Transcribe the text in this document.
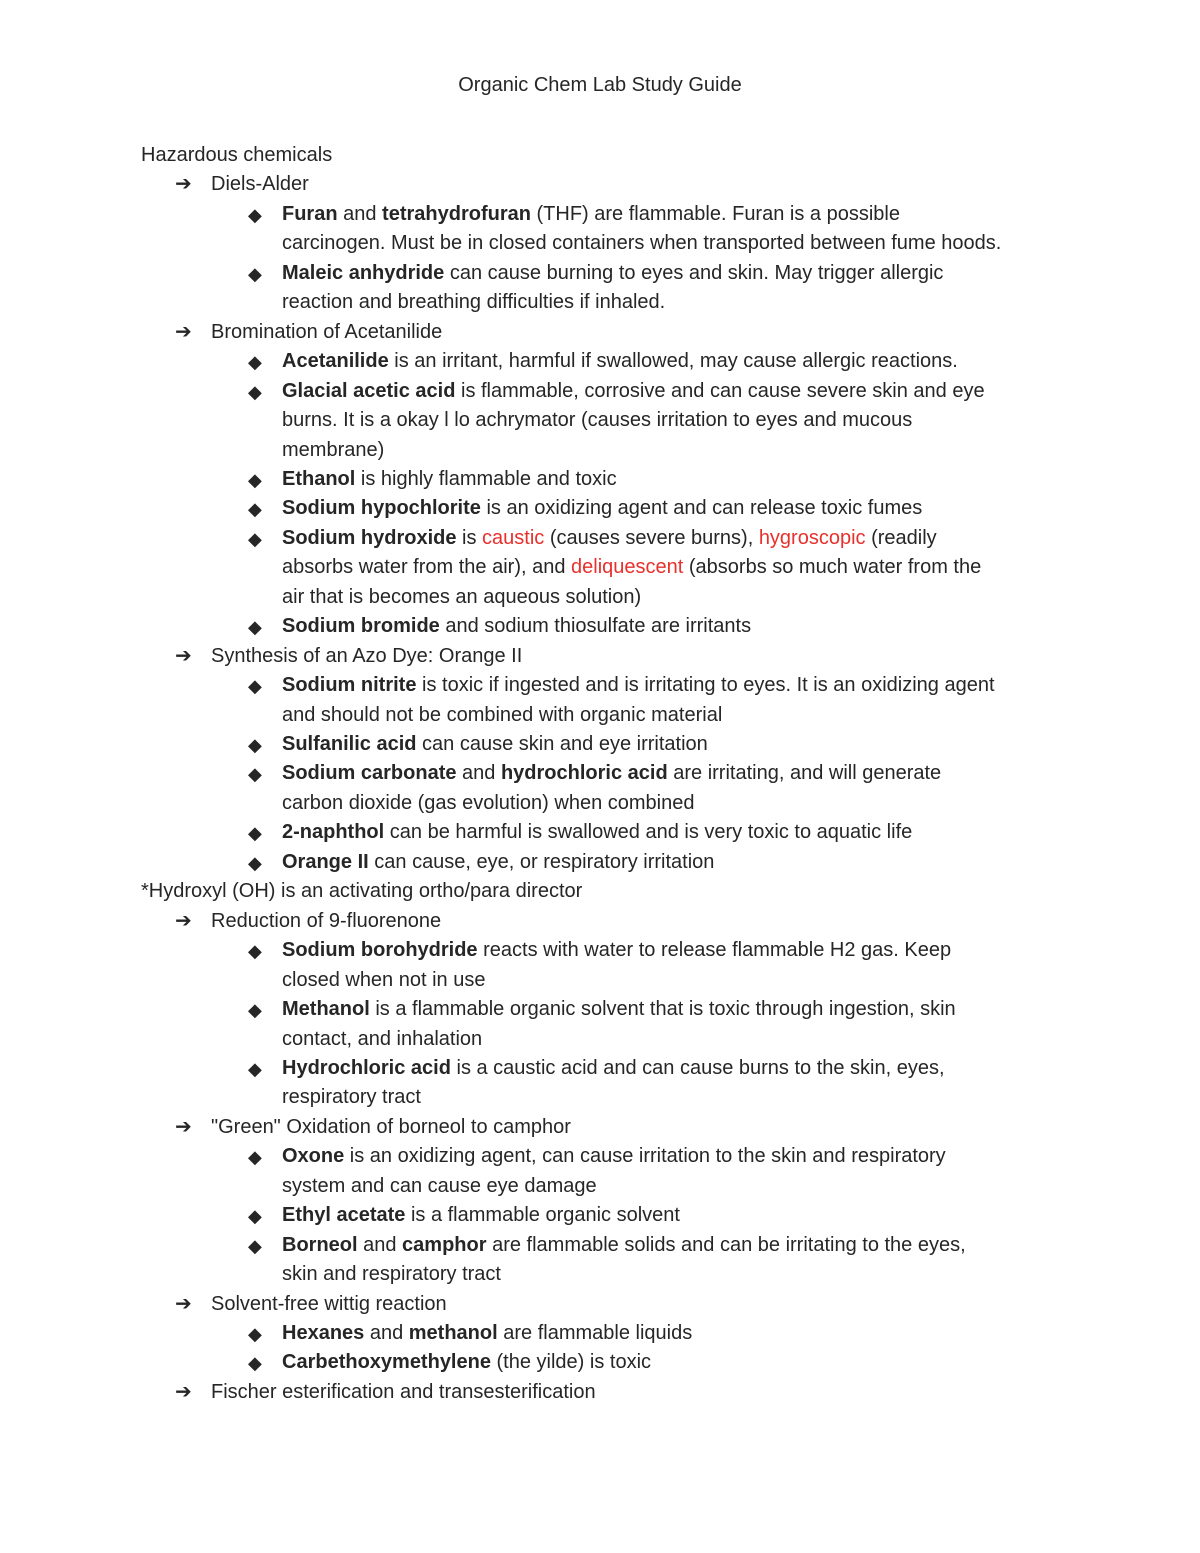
Organic Chem Lab Study Guide
Hazardous chemicals
➔ Diels-Alder
◆ Furan and tetrahydrofuran (THF) are flammable. Furan is a possible
carcinogen. Must be in closed containers when transported between fume hoods.
◆ Maleic anhydride can cause burning to eyes and skin. May trigger allergic
reaction and breathing difficulties if inhaled.
➔ Bromination of Acetanilide
◆ Acetanilide is an irritant, harmful if swallowed, may cause allergic reactions.
◆ Glacial acetic acid is flammable, corrosive and can cause severe skin and eye
burns. It is a okay l lo achrymator (causes irritation to eyes and mucous
membrane)
◆ Ethanol is highly flammable and toxic
◆ Sodium hypochlorite is an oxidizing agent and can release toxic fumes
◆ Sodium hydroxide is caustic (causes severe burns), hygroscopic (readily
absorbs water from the air), and deliquescent (absorbs so much water from the
air that is becomes an aqueous solution)
◆ Sodium bromide and sodium thiosulfate are irritants
➔ Synthesis of an Azo Dye: Orange II
◆ Sodium nitrite is toxic if ingested and is irritating to eyes. It is an oxidizing agent
and should not be combined with organic material
◆ Sulfanilic acid can cause skin and eye irritation
◆ Sodium carbonate and hydrochloric acid are irritating, and will generate
carbon dioxide (gas evolution) when combined
◆ 2-naphthol can be harmful is swallowed and is very toxic to aquatic life
◆ Orange II can cause, eye, or respiratory irritation
*Hydroxyl (OH) is an activating ortho/para director
➔ Reduction of 9-fluorenone
◆ Sodium borohydride reacts with water to release flammable H2 gas. Keep
closed when not in use
◆ Methanol is a flammable organic solvent that is toxic through ingestion, skin
contact, and inhalation
◆ Hydrochloric acid is a caustic acid and can cause burns to the skin, eyes,
respiratory tract
➔ "Green" Oxidation of borneol to camphor
◆ Oxone is an oxidizing agent, can cause irritation to the skin and respiratory
system and can cause eye damage
◆ Ethyl acetate is a flammable organic solvent
◆ Borneol and camphor are flammable solids and can be irritating to the eyes,
skin and respiratory tract
➔ Solvent-free wittig reaction
◆ Hexanes and methanol are flammable liquids
◆ Carbethoxymethylene (the yilde) is toxic
➔ Fischer esterification and transesterification
